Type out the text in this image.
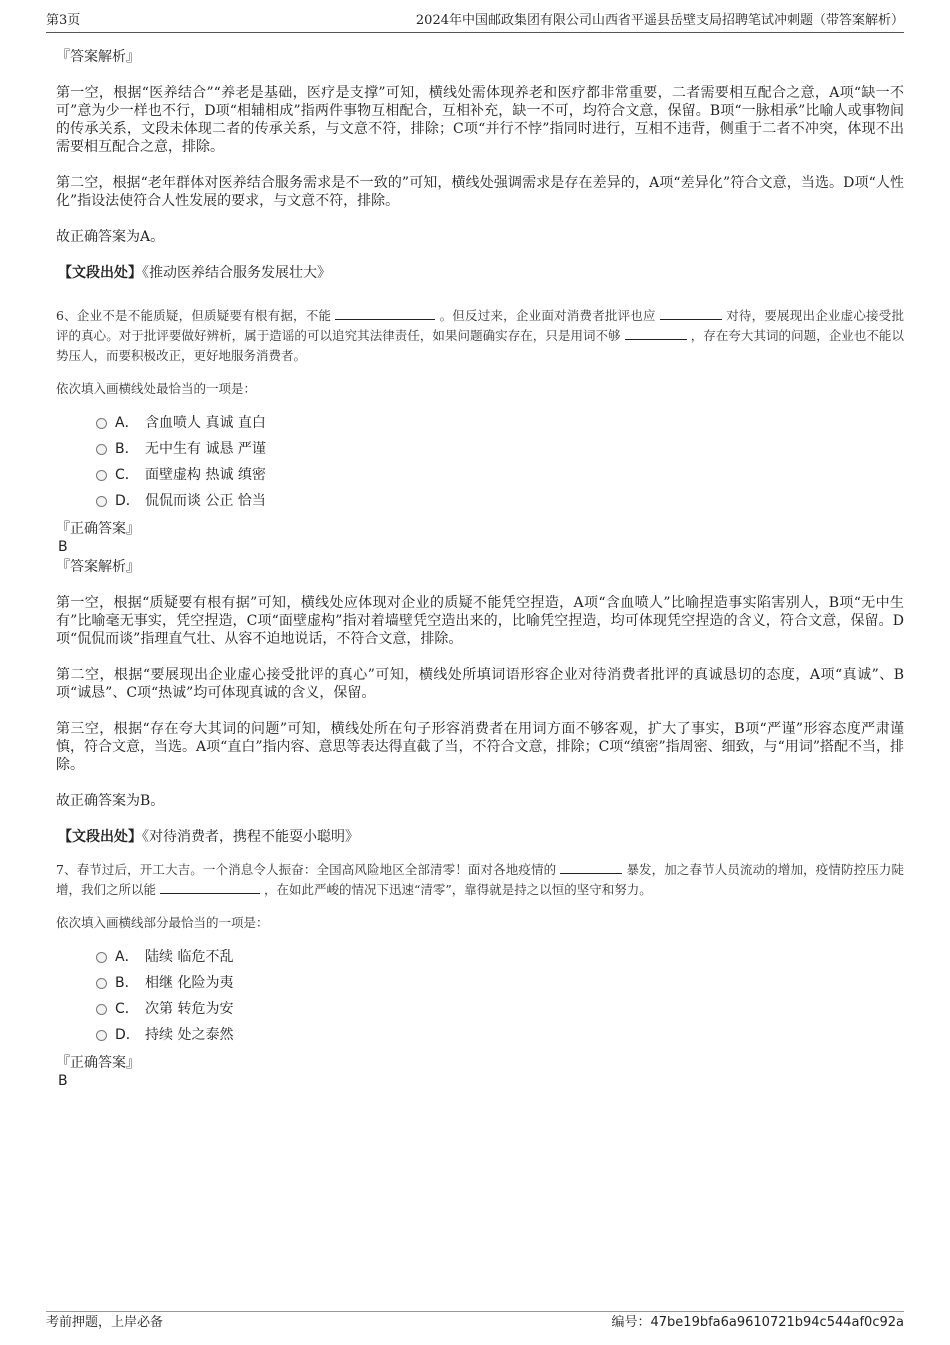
第3页	2024年中国邮政集团有限公司山西省平遥县岳壁支局招聘笔试冲刺题（带答案解析）

『答案解析』

第一空，根据“医养结合”“养老是基础，医疗是支撑”可知，横线处需体现养老和医疗都非常重要，二者需要相互配合之意，A项“缺一不可”意为少一样也不行，D项“相辅相成”指两件事物互相配合，互相补充，缺一不可，均符合文意，保留。B项“一脉相承”比喻人或事物间的传承关系，文段未体现二者的传承关系，与文意不符，排除；C项“并行不悖”指同时进行，互相不违背，侧重于二者不冲突，体现不出需要相互配合之意，排除。

第二空，根据“老年群体对医养结合服务需求是不一致的”可知，横线处强调需求是存在差异的，A项“差异化”符合文意，当选。D项“人性化”指设法使符合人性发展的要求，与文意不符，排除。

故正确答案为A。

【文段出处】《推动医养结合服务发展壮大》

6、企业不是不能质疑，但质疑要有根有据，不能	。但反过来，企业面对消费者批评也应	对待，要展现出企业虚心接受批评的真心。对于批评要做好辨析，属于造谣的可以追究其法律责任，如果问题确实存在，只是用词不够	，存在夸大其词的问题，企业也不能以势压人，而要积极改正，更好地服务消费者。

依次填入画横线处最恰当的一项是：

A． 含血喷人 真诚 直白
B． 无中生有 诚恳 严谨
C． 面壁虚构 热诚 缜密
D． 侃侃而谈 公正 恰当

『正确答案』

B

『答案解析』

第一空，根据“质疑要有根有据”可知，横线处应体现对企业的质疑不能凭空捏造，A项“含血喷人”比喻捏造事实陷害别人，B项“无中生有”比喻毫无事实，凭空捏造，C项“面壁虚构”指对着墙壁凭空造出来的，比喻凭空捏造，均可体现凭空捏造的含义，符合文意，保留。D项“侃侃而谈”指理直气壮、从容不迫地说话，不符合文意，排除。

第二空，根据“要展现出企业虚心接受批评的真心”可知，横线处所填词语形容企业对待消费者批评的真诚恳切的态度，A项“真诚”、B项“诚恳”、C项“热诚”均可体现真诚的含义，保留。

第三空，根据“存在夸大其词的问题”可知，横线处所在句子形容消费者在用词方面不够客观，扩大了事实，B项“严谨”形容态度严肃谨慎，符合文意，当选。A项“直白”指内容、意思等表达得直截了当，不符合文意，排除；C项“缜密”指周密、细致，与“用词”搭配不当，排除。

故正确答案为B。

【文段出处】《对待消费者，携程不能耍小聪明》

7、春节过后，开工大吉。一个消息令人振奋：全国高风险地区全部清零！面对各地疫情的	暴发，加之春节人员流动的增加，疫情防控压力陡增，我们之所以能	，在如此严峻的情况下迅速“清零”，靠得就是持之以恒的坚守和努力。

依次填入画横线部分最恰当的一项是：

A． 陆续 临危不乱
B． 相继 化险为夷
C． 次第 转危为安
D． 持续 处之泰然

『正确答案』

B

考前押题，上岸必备	编号：47be19bfa6a9610721b94c544af0c92a
